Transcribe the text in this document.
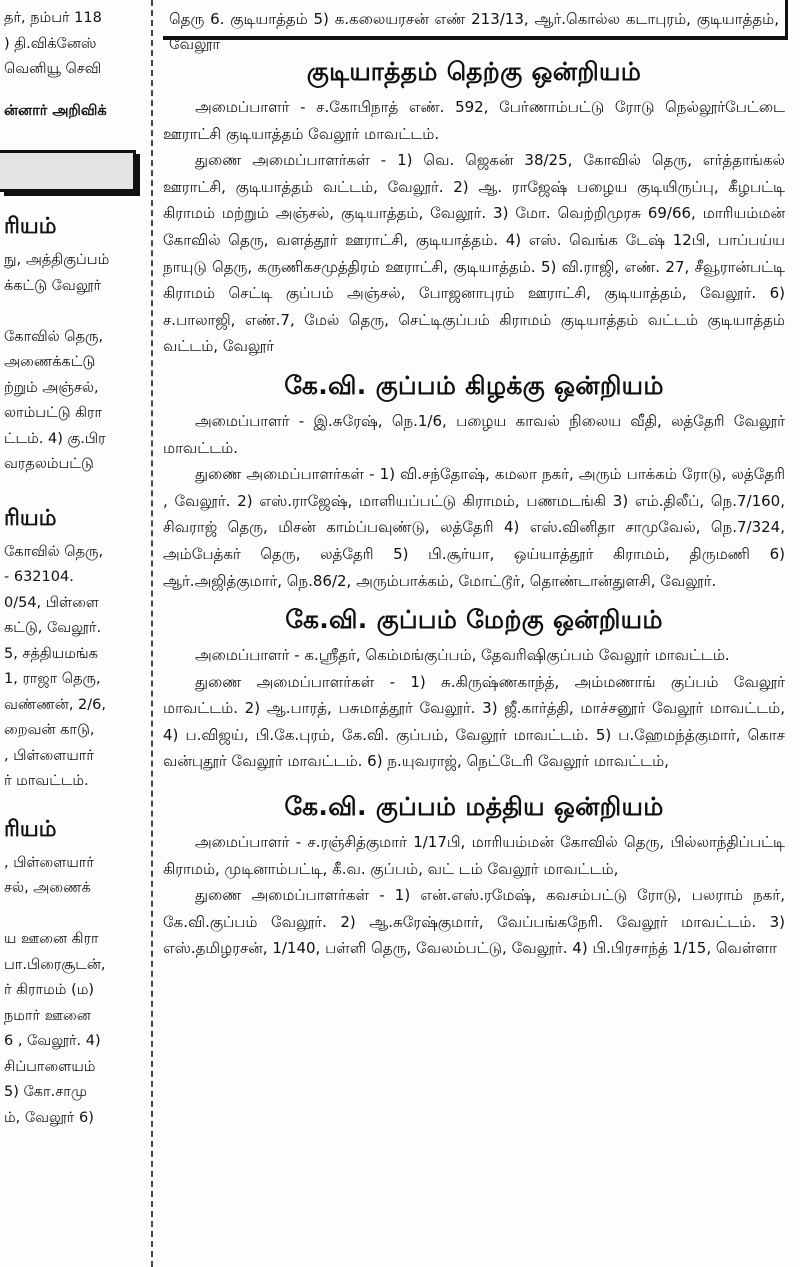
தர், நம்பர் 118

) தி.விக்னேஸ்

வெனியூ செவி

ன்னார் அறிவிக்

ரியம்

நு, அத்திகுப்பம்

க்கட்டு வேலூர்

கோவில் தெரு,

அணைக்கட்டு

ற்றும் அஞ்சல்,

லாம்பட்டு கிரா

ட்டம். 4) கு.பிர

வரதலம்பட்டு

ரியம்

கோவில் தெரு,

- 632104.

0/54, பிள்ளை

கட்டு, வேலூர்.

5, சத்தியமங்க

1, ராஜா தெரு,

வண்ணன், 2/6,

றைவன் காடு,

, பிள்ளையார்

ர் மாவட்டம்.

ரியம்

, பிள்ளையார்

சல், அணைக்

ய ஊனை கிரா

பா.பிரைசூடன்,

ர் கிராமம் (ம)

நமார் ஊனை

6 , வேலூர். 4)

சிப்பாளையம்

5) கோ.சாமு

ம், வேலூர் 6)

தெரு 6. குடியாத்தம் 5) க.கலையரசன் எண் 213/13, ஆர்.கொல்ல கடாபுரம், குடியாத்தம், வேலூர்

குடியாத்தம் தெற்கு ஒன்றியம்

அமைப்பாளர் - ச.கோபிநாத் எண். 592, பேர்ணாம்பட்டு ரோடு நெல்லூர்பேட்டை ஊராட்சி குடியாத்தம் வேலூர் மாவட்டம்.

துணை அமைப்பாளர்கள் - 1) வெ. ஜெகன் 38/25, கோவில் தெரு, எர்த்தாங்கல் ஊராட்சி, குடியாத்தம் வட்டம், வேலூர். 2) ஆ. ராஜேஷ் பழைய குடியிருப்பு, கீழபட்டி கிராமம் மற்றும் அஞ்சல், குடியாத்தம், வேலூர். 3) மோ. வெற்றிமுரசு 69/66, மாரியம்மன் கோவில் தெரு, வளத்தூர் ஊராட்சி, குடியாத்தம். 4) எஸ். வெங்க டேஷ் 12பி, பாப்பய்ய நாயுடு தெரு, கருணிகசமுத்திரம் ஊராட்சி, குடியாத்தம். 5) வி.ராஜி, எண். 27, சீவூரான்பட்டி கிராமம் செட்டி குப்பம் அஞ்சல், போஜனாபுரம் ஊராட்சி, குடியாத்தம், வேலூர். 6) ச.பாலாஜி, எண்.7, மேல் தெரு, செட்டிகுப்பம் கிராமம் குடியாத்தம் வட்டம் குடியாத்தம் வட்டம், வேலூர்

கே.வி. குப்பம் கிழக்கு ஒன்றியம்

அமைப்பாளர் - இ.சுரேஷ், நெ.1/6, பழைய காவல் நிலைய வீதி, லத்தேரி வேலூர் மாவட்டம்.

துணை அமைப்பாளர்கள் - 1) வி.சந்தோஷ், கமலா நகர், அரும் பாக்கம் ரோடு, லத்தேரி , வேலூர். 2) எஸ்.ராஜேஷ், மாளியப்பட்டு கிராமம், பணமடங்கி 3) எம்.திலீப், நெ.7/160, சிவராஜ் தெரு, மிசன் காம்ப்பவுண்டு, லத்தேரி 4) எஸ்.வினிதா சாமுவேல், நெ.7/324, அம்பேத்கர் தெரு, லத்தேரி 5) பி.சூர்யா, ஒய்யாத்தூர் கிராமம், திருமணி 6) ஆர்.அஜித்குமார், நெ.86/2, அரும்பாக்கம், மோட்டூர், தொண்டான்துளசி, வேலூர்.

கே.வி. குப்பம் மேற்கு ஒன்றியம்

அமைப்பாளர் - க.ஶ்ரீதர், கெம்மங்குப்பம், தேவரிஷிகுப்பம் வேலூர் மாவட்டம்.

துணை அமைப்பாளர்கள் - 1) சு.கிருஷ்ணகாந்த், அம்மணாங் குப்பம் வேலூர் மாவட்டம். 2) ஆ.பாரத், பசுமாத்தூர் வேலூர். 3) ஜீ.கார்த்தி, மாச்சனூர் வேலூர் மாவட்டம், 4) ப.விஜய், பி.கே.புரம், கே.வி. குப்பம், வேலூர் மாவட்டம். 5) ப.ஹேமந்த்குமார், கொச வன்புதூர் வேலூர் மாவட்டம். 6) ந.யுவராஜ், நெட்டேரி வேலூர் மாவட்டம்,

கே.வி. குப்பம் மத்திய ஒன்றியம்

அமைப்பாளர் - ச.ரஞ்சித்குமார் 1/17பி, மாரியம்மன் கோவில் தெரு, பில்லாந்திப்பட்டி கிராமம், முடினாம்பட்டி, கீ.வ. குப்பம், வட் டம் வேலூர் மாவட்டம்,

துணை அமைப்பாளர்கள் - 1) என்.எஸ்.ரமேஷ், கவசம்பட்டு ரோடு, பலராம் நகர், கே.வி.குப்பம் வேலூர். 2) ஆ.சுரேஷ்குமார், வேப்பங்கநேரி. வேலூர் மாவட்டம். 3) எஸ்.தமிழரசன், 1/140, பள்ளி தெரு, வேலம்பட்டு, வேலூர். 4) பி.பிரசாந்த் 1/15, வெள்ளா
